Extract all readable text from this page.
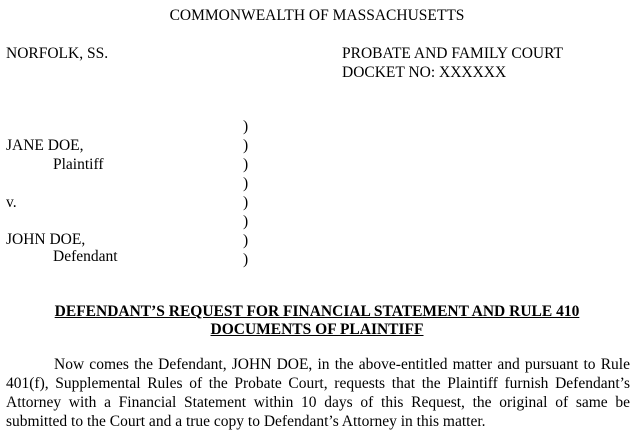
COMMONWEALTH OF MASSACHUSETTS
NORFOLK, SS.	PROBATE AND FAMILY COURT
DOCKET NO: XXXXXX
JANE DOE,
Plaintiff
v.
JOHN DOE,
Defendant
)
)
)
)
)
)
)
)
DEFENDANT’S REQUEST FOR FINANCIAL STATEMENT AND RULE 410
DOCUMENTS OF PLAINTIFF

Now comes the Defendant, JOHN DOE, in the above-entitled matter and pursuant to Rule 401(f), Supplemental Rules of the Probate Court, requests that the Plaintiff furnish Defendant’s Attorney with a Financial Statement within 10 days of this Request, the original of same be submitted to the Court and a true copy to Defendant’s Attorney in this matter.
